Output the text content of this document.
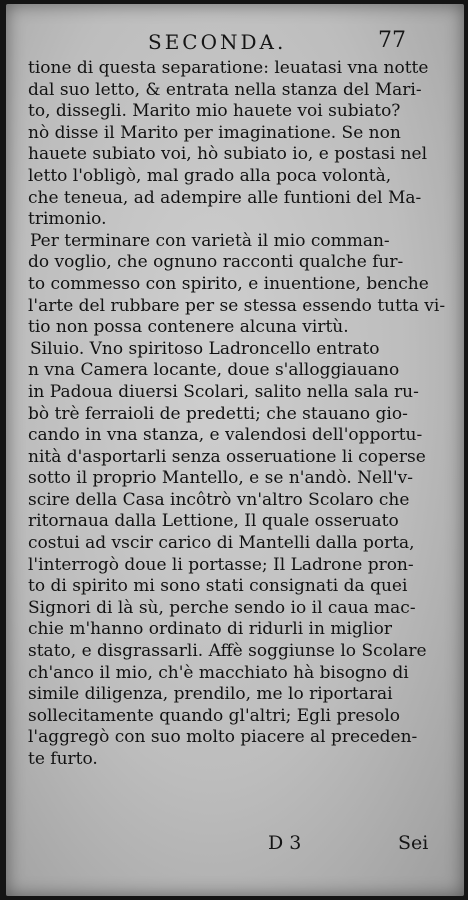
SECONDA.	77
tione di questa separatione: leuatasi vna notte
dal suo letto, & entrata nella stanza del Mari-
to, dissegli. Marito mio hauete voi subiato?
nò disse il Marito per imaginatione. Se non
hauete subiato voi, hò subiato io, e postasi nel
letto l'obligò, mal grado alla poca volontà,
che teneua, ad adempire alle funtioni del Ma-
trimonio.
Per terminare con varietà il mio comman-
do voglio, che ognuno racconti qualche fur-
to commesso con spirito, e inuentione, benche
l'arte del rubbare per se stessa essendo tutta vi-
tio non possa contenere alcuna virtù.
Siluio. Vno spiritoso Ladroncello entrato
n vna Camera locante, doue s'alloggiauano
in Padoua diuersi Scolari, salito nella sala ru-
bò trè ferraioli de predetti; che stauano gio-
cando in vna stanza, e valendosi dell'opportu-
nità d'asportarli senza osseruatione li coperse
sotto il proprio Mantello, e se n'andò. Nell'v-
scire della Casa incôtrò vn'altro Scolaro che
ritornaua dalla Lettione, Il quale osseruato
costui ad vscir carico di Mantelli dalla porta,
l'interrogò doue li portasse; Il Ladrone pron-
to di spirito mi sono stati consignati da quei
Signori di là sù, perche sendo io il caua mac-
chie m'hanno ordinato di ridurli in miglior
stato, e disgrassarli. Affè soggiunse lo Scolare
ch'anco il mio, ch'è macchiato hà bisogno di
simile diligenza, prendilo, me lo riportarai
sollecitamente quando gl'altri; Egli presolo
l'aggregò con suo molto piacere al preceden-
te furto.
D 3	Sei
